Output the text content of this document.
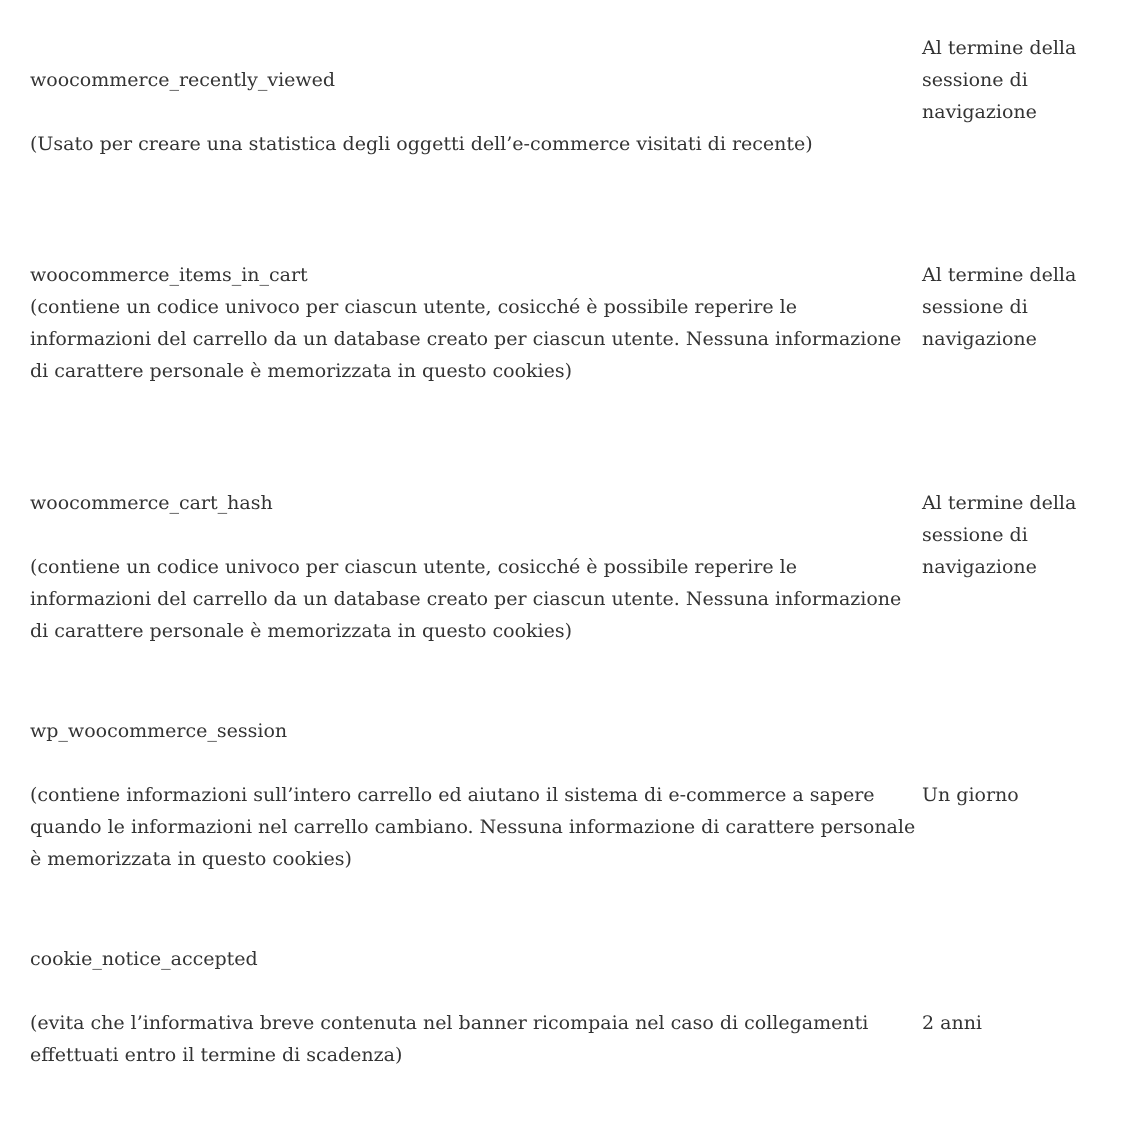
woocommerce_recently_viewed
(Usato per creare una statistica degli oggetti dell’e-commerce visitati di recente)	Al termine della sessione di navigazione

woocommerce_items_in_cart
(contiene un codice univoco per ciascun utente, cosicché è possibile reperire le informazioni del carrello da un database creato per ciascun utente. Nessuna informazione di carattere personale è memorizzata in questo cookies)	Al termine della sessione di navigazione

woocommerce_cart_hash
(contiene un codice univoco per ciascun utente, cosicché è possibile reperire le informazioni del carrello da un database creato per ciascun utente. Nessuna informazione di carattere personale è memorizzata in questo cookies)	Al termine della sessione di navigazione

wp_woocommerce_session
(contiene informazioni sull’intero carrello ed aiutano il sistema di e-commerce a sapere quando le informazioni nel carrello cambiano. Nessuna informazione di carattere personale è memorizzata in questo cookies)	Un giorno

cookie_notice_accepted
(evita che l’informativa breve contenuta nel banner ricompaia nel caso di collegamenti effettuati entro il termine di scadenza)	2 anni
